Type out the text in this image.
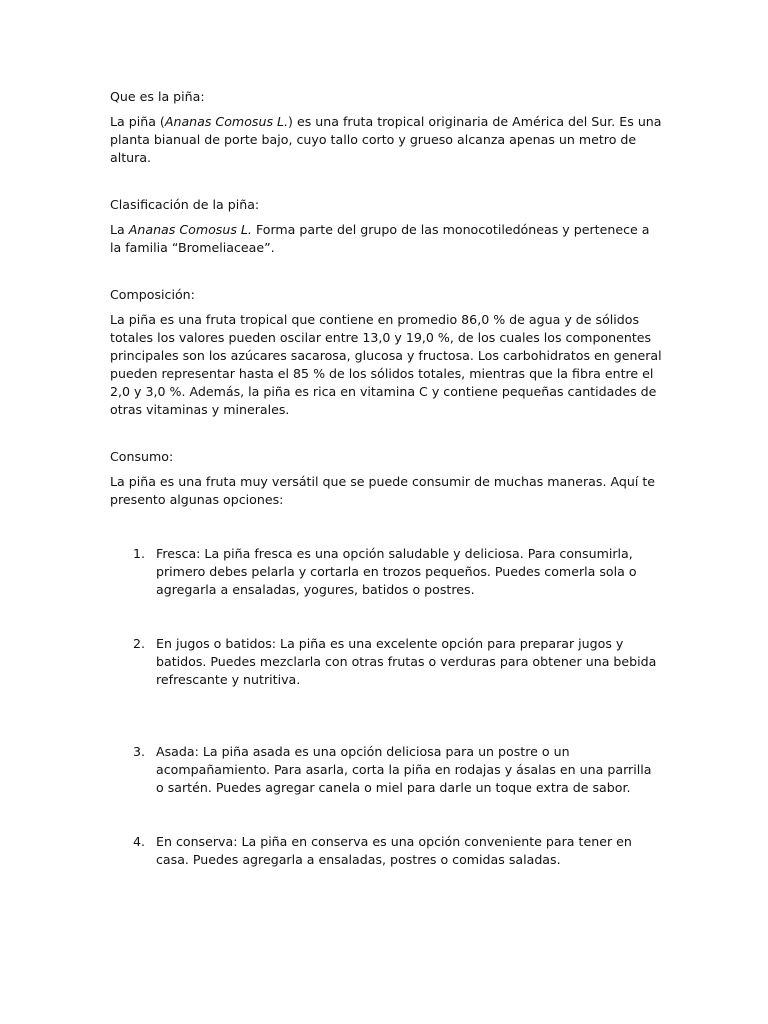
Que es la piña:

La piña (Ananas Comosus L.) es una fruta tropical originaria de América del Sur. Es una planta bianual de porte bajo, cuyo tallo corto y grueso alcanza apenas un metro de altura.

Clasificación de la piña:

La Ananas Comosus L. Forma parte del grupo de las monocotiledóneas y pertenece a la familia “Bromeliaceae”.

Composición:

La piña es una fruta tropical que contiene en promedio 86,0 % de agua y de sólidos totales los valores pueden oscilar entre 13,0 y 19,0 %, de los cuales los componentes principales son los azúcares sacarosa, glucosa y fructosa. Los carbohidratos en general pueden representar hasta el 85 % de los sólidos totales, mientras que la fibra entre el 2,0 y 3,0 %. Además, la piña es rica en vitamina C y contiene pequeñas cantidades de otras vitaminas y minerales.

Consumo:

La piña es una fruta muy versátil que se puede consumir de muchas maneras. Aquí te presento algunas opciones:

1. Fresca: La piña fresca es una opción saludable y deliciosa. Para consumirla, primero debes pelarla y cortarla en trozos pequeños. Puedes comerla sola o agregarla a ensaladas, yogures, batidos o postres.
2. En jugos o batidos: La piña es una excelente opción para preparar jugos y batidos. Puedes mezclarla con otras frutas o verduras para obtener una bebida refrescante y nutritiva.
3. Asada: La piña asada es una opción deliciosa para un postre o un acompañamiento. Para asarla, corta la piña en rodajas y ásalas en una parrilla o sartén. Puedes agregar canela o miel para darle un toque extra de sabor.
4. En conserva: La piña en conserva es una opción conveniente para tener en casa. Puedes agregarla a ensaladas, postres o comidas saladas.
